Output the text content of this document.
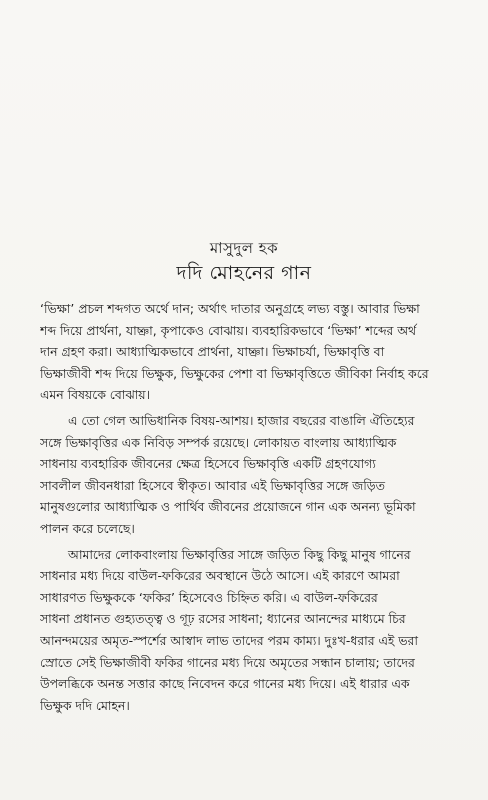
মাসুদুল হক
দদি মোহনের গান
‘ভিক্ষা’ প্রচল শব্দগত অর্থে দান; অর্থাৎ দাতার অনুগ্রহে লভ্য বস্তু। আবার ভিক্ষা
শব্দ দিয়ে প্রার্থনা, যাচ্ঞা, কৃপাকেও বোঝায়। ব্যবহারিকভাবে ‘ভিক্ষা’ শব্দের অর্থ
দান গ্রহণ করা। আধ্যাত্মিকভাবে প্রার্থনা, যাচ্ঞা। ভিক্ষাচর্যা, ভিক্ষাবৃত্তি বা
ভিক্ষাজীবী শব্দ দিয়ে ভিক্ষুক, ভিক্ষুকের পেশা বা ভিক্ষাবৃত্তিতে জীবিকা নির্বাহ করে
এমন বিষয়কে বোঝায়।
এ তো গেল আভিধানিক বিষয়-আশয়। হাজার বছরের বাঙালি ঐতিহ্যের
সঙ্গে ভিক্ষাবৃত্তির এক নিবিড় সম্পর্ক রয়েছে। লোকায়ত বাংলায় আধ্যাত্মিক
সাধনায় ব্যবহারিক জীবনের ক্ষেত্র হিসেবে ভিক্ষাবৃত্তি একটি গ্রহণযোগ্য
সাবলীল জীবনধারা হিসেবে স্বীকৃত। আবার এই ভিক্ষাবৃত্তির সঙ্গে জড়িত
মানুষগুলোর আধ্যাত্মিক ও পার্থিব জীবনের প্রয়োজনে গান এক অনন্য ভূমিকা
পালন করে চলেছে।
আমাদের লোকবাংলায় ভিক্ষাবৃত্তির সাঙ্গে জড়িত কিছু কিছু মানুষ গানের
সাধনার মধ্য দিয়ে বাউল-ফকিরের অবস্থানে উঠে আসে। এই কারণে আমরা
সাধারণত ভিক্ষুককে ‘ফকির’ হিসেবেও চিহ্নিত করি। এ বাউল-ফকিরের
সাধনা প্রধানত গুহ্যতত্ত্ব ও গূঢ় রসের সাধনা; ধ্যানের আনন্দের মাধ্যমে চির
আনন্দময়ের অমৃত-স্পর্শের আস্বাদ লাভ তাদের পরম কাম্য। দুঃখ-ধরার এই ভরা
স্রোতে সেই ভিক্ষাজীবী ফকির গানের মধ্য দিয়ে অমৃতের সন্ধান চালায়; তাদের
উপলব্ধিকে অনন্ত সত্তার কাছে নিবেদন করে গানের মধ্য দিয়ে। এই ধারার এক
ভিক্ষুক দদি মোহন।
